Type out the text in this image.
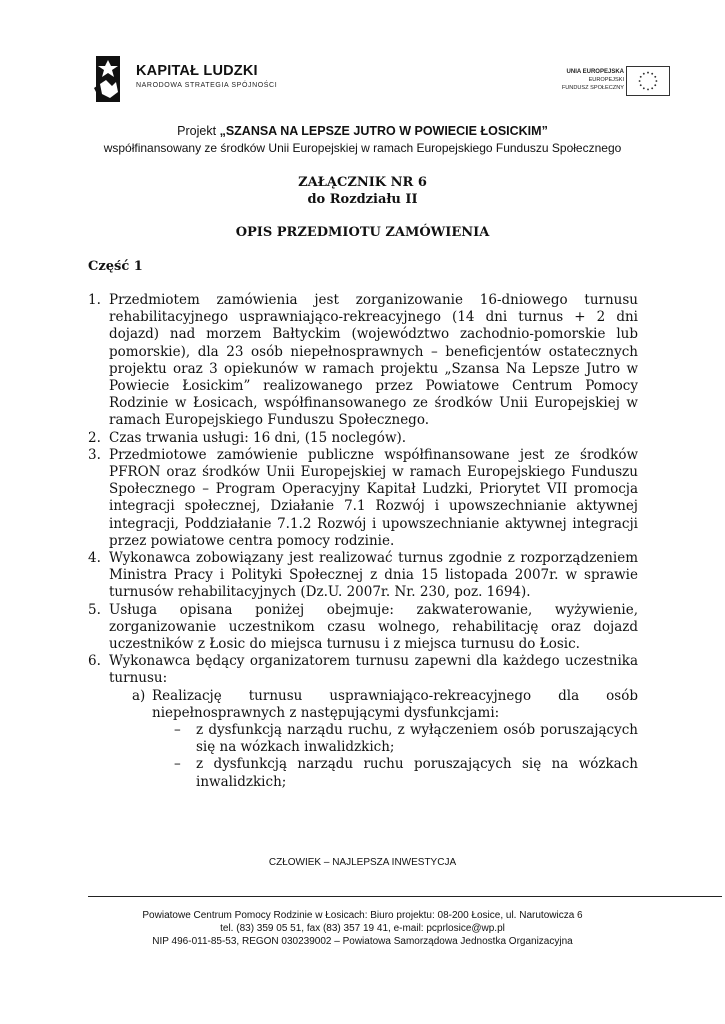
KAPITAŁ LUDZKI
NARODOWA STRATEGIA SPÓJNOŚCI
UNIA EUROPEJSKA
EUROPEJSKI
FUNDUSZ SPOŁECZNY
Projekt „SZANSA NA LEPSZE JUTRO W POWIECIE ŁOSICKIM”
współfinansowany ze środków Unii Europejskiej w ramach Europejskiego Funduszu Społecznego
ZAŁĄCZNIK NR 6
do Rozdziału II
OPIS PRZEDMIOTU ZAMÓWIENIA
Część 1
1. Przedmiotem zamówienia jest zorganizowanie 16-dniowego turnusu rehabilitacyjnego usprawniająco-rekreacyjnego (14 dni turnus + 2 dni dojazd) nad morzem Bałtyckim (województwo zachodnio-pomorskie lub pomorskie), dla 23 osób niepełnosprawnych – beneficjentów ostatecznych projektu oraz 3 opiekunów w ramach projektu „Szansa Na Lepsze Jutro w Powiecie Łosickim” realizowanego przez Powiatowe Centrum Pomocy Rodzinie w Łosicach, współfinansowanego ze środków Unii Europejskiej w ramach Europejskiego Funduszu Społecznego.
2. Czas trwania usługi: 16 dni, (15 noclegów).
3. Przedmiotowe zamówienie publiczne współfinansowane jest ze środków PFRON oraz środków Unii Europejskiej w ramach Europejskiego Funduszu Społecznego – Program Operacyjny Kapitał Ludzki, Priorytet VII promocja integracji społecznej, Działanie 7.1 Rozwój i upowszechnianie aktywnej integracji, Poddziałanie 7.1.2 Rozwój i upowszechnianie aktywnej integracji przez powiatowe centra pomocy rodzinie.
4. Wykonawca zobowiązany jest realizować turnus zgodnie z rozporządzeniem Ministra Pracy i Polityki Społecznej z dnia 15 listopada 2007r. w sprawie turnusów rehabilitacyjnych (Dz.U. 2007r. Nr. 230, poz. 1694).
5. Usługa opisana poniżej obejmuje: zakwaterowanie, wyżywienie, zorganizowanie uczestnikom czasu wolnego, rehabilitację oraz dojazd uczestników z Łosic do miejsca turnusu i z miejsca turnusu do Łosic.
6. Wykonawca będący organizatorem turnusu zapewni dla każdego uczestnika turnusu:
a) Realizację turnusu usprawniająco-rekreacyjnego dla osób niepełnosprawnych z następującymi dysfunkcjami:
–	z dysfunkcją narządu ruchu, z wyłączeniem osób poruszających się na wózkach inwalidzkich;
–	z dysfunkcją narządu ruchu poruszających się na wózkach inwalidzkich;
CZŁOWIEK – NAJLEPSZA INWESTYCJA
Powiatowe Centrum Pomocy Rodzinie w Łosicach: Biuro projektu: 08-200 Łosice, ul. Narutowicza 6
tel. (83) 359 05 51, fax (83) 357 19 41, e-mail: pcprlosice@wp.pl
NIP 496-011-85-53, REGON 030239002 – Powiatowa Samorządowa Jednostka Organizacyjna
